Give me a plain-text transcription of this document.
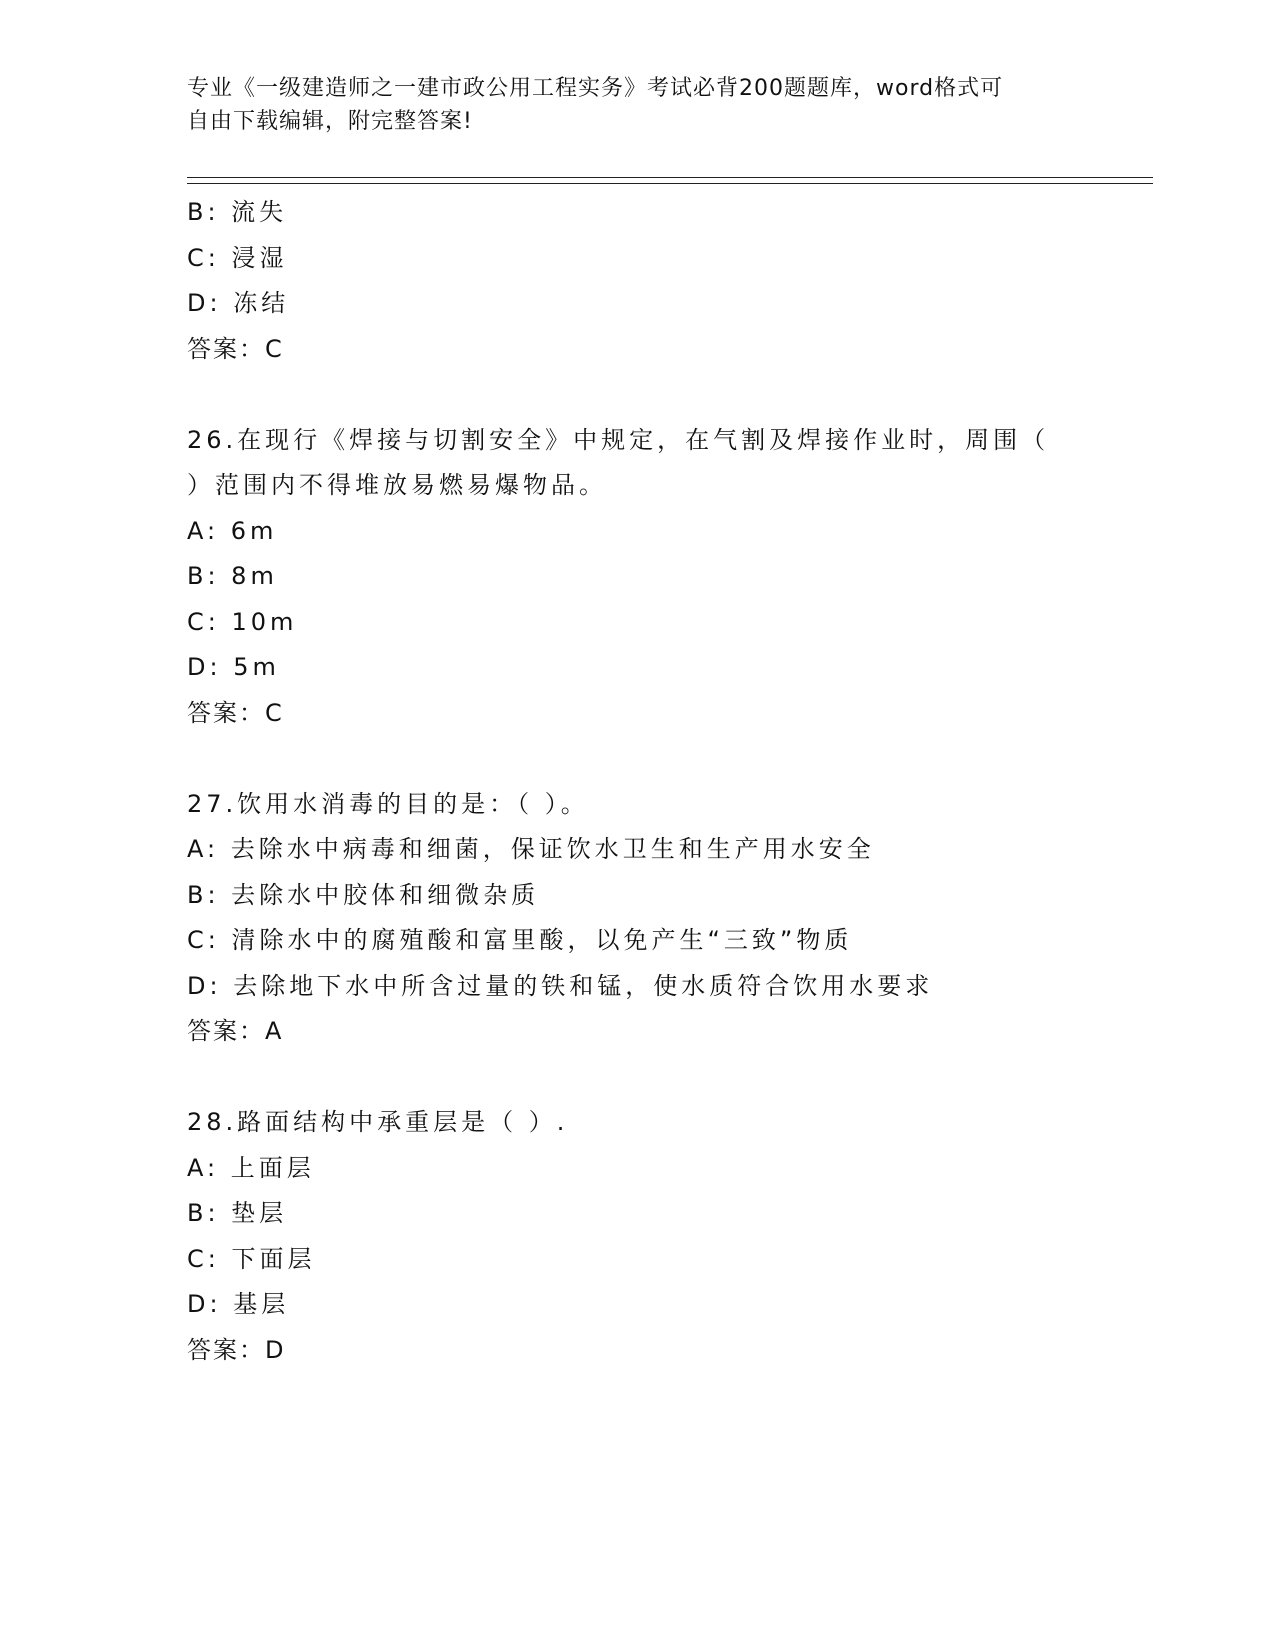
专业《一级建造师之一建市政公用工程实务》考试必背200题题库，word格式可
自由下载编辑，附完整答案!
B: 流失
C: 浸湿
D: 冻结
答案：C
26.在现行《焊接与切割安全》中规定，在气割及焊接作业时，周围（
）范围内不得堆放易燃易爆物品。
A: 6m
B: 8m
C: 10m
D: 5m
答案：C
27.饮用水消毒的目的是：（ ）。
A: 去除水中病毒和细菌，保证饮水卫生和生产用水安全
B: 去除水中胶体和细微杂质
C: 清除水中的腐殖酸和富里酸，以免产生“三致”物质
D: 去除地下水中所含过量的铁和锰，使水质符合饮用水要求
答案：A
28.路面结构中承重层是（ ）.
A: 上面层
B: 垫层
C: 下面层
D: 基层
答案：D
